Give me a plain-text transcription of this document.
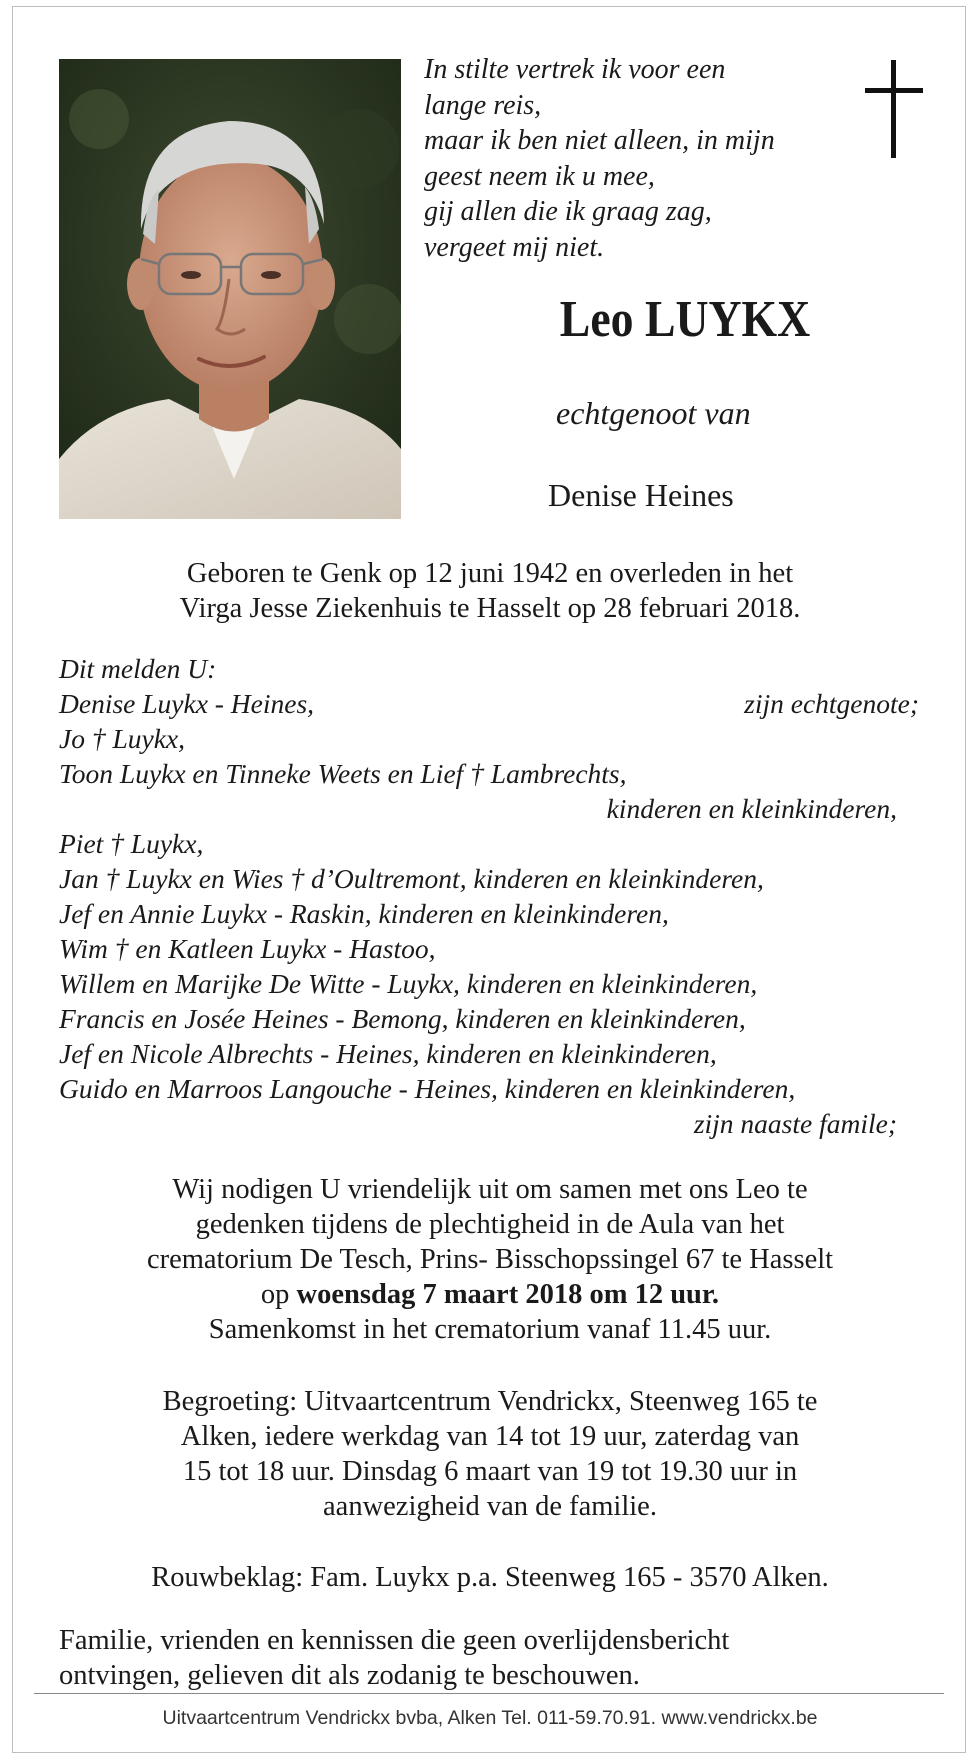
In stilte vertrek ik voor een
lange reis,
maar ik ben niet alleen, in mijn
geest neem ik u mee,
gij allen die ik graag zag,
vergeet mij niet.
Leo LUYKX
echtgenoot van
Denise Heines
Geboren te Genk op 12 juni 1942 en overleden in het
Virga Jesse Ziekenhuis te Hasselt op 28 februari 2018.
Dit melden U:
Denise Luykx - Heines,	zijn echtgenote;
Jo † Luykx,
Toon Luykx en Tinneke Weets en Lief † Lambrechts,
kinderen en kleinkinderen,
Piet † Luykx,
Jan † Luykx en Wies † d’Oultremont, kinderen en kleinkinderen,
Jef en Annie Luykx - Raskin, kinderen en kleinkinderen,
Wim † en Katleen Luykx - Hastoo,
Willem en Marijke De Witte - Luykx, kinderen en kleinkinderen,
Francis en Josée Heines - Bemong, kinderen en kleinkinderen,
Jef en Nicole Albrechts - Heines, kinderen en kleinkinderen,
Guido en Marroos Langouche - Heines, kinderen en kleinkinderen,
zijn naaste famile;
Wij nodigen U vriendelijk uit om samen met ons Leo te
gedenken tijdens de plechtigheid in de Aula van het
crematorium De Tesch, Prins- Bisschopssingel 67 te Hasselt
op woensdag 7 maart 2018 om 12 uur.
Samenkomst in het crematorium vanaf 11.45 uur.
Begroeting: Uitvaartcentrum Vendrickx, Steenweg 165 te
Alken, iedere werkdag van 14 tot 19 uur, zaterdag van
15 tot 18 uur. Dinsdag 6 maart van 19 tot 19.30 uur in
aanwezigheid van de familie.
Rouwbeklag: Fam. Luykx p.a. Steenweg 165 - 3570 Alken.
Familie, vrienden en kennissen die geen overlijdensbericht
ontvingen, gelieven dit als zodanig te beschouwen.
Uitvaartcentrum Vendrickx bvba, Alken Tel. 011-59.70.91. www.vendrickx.be
